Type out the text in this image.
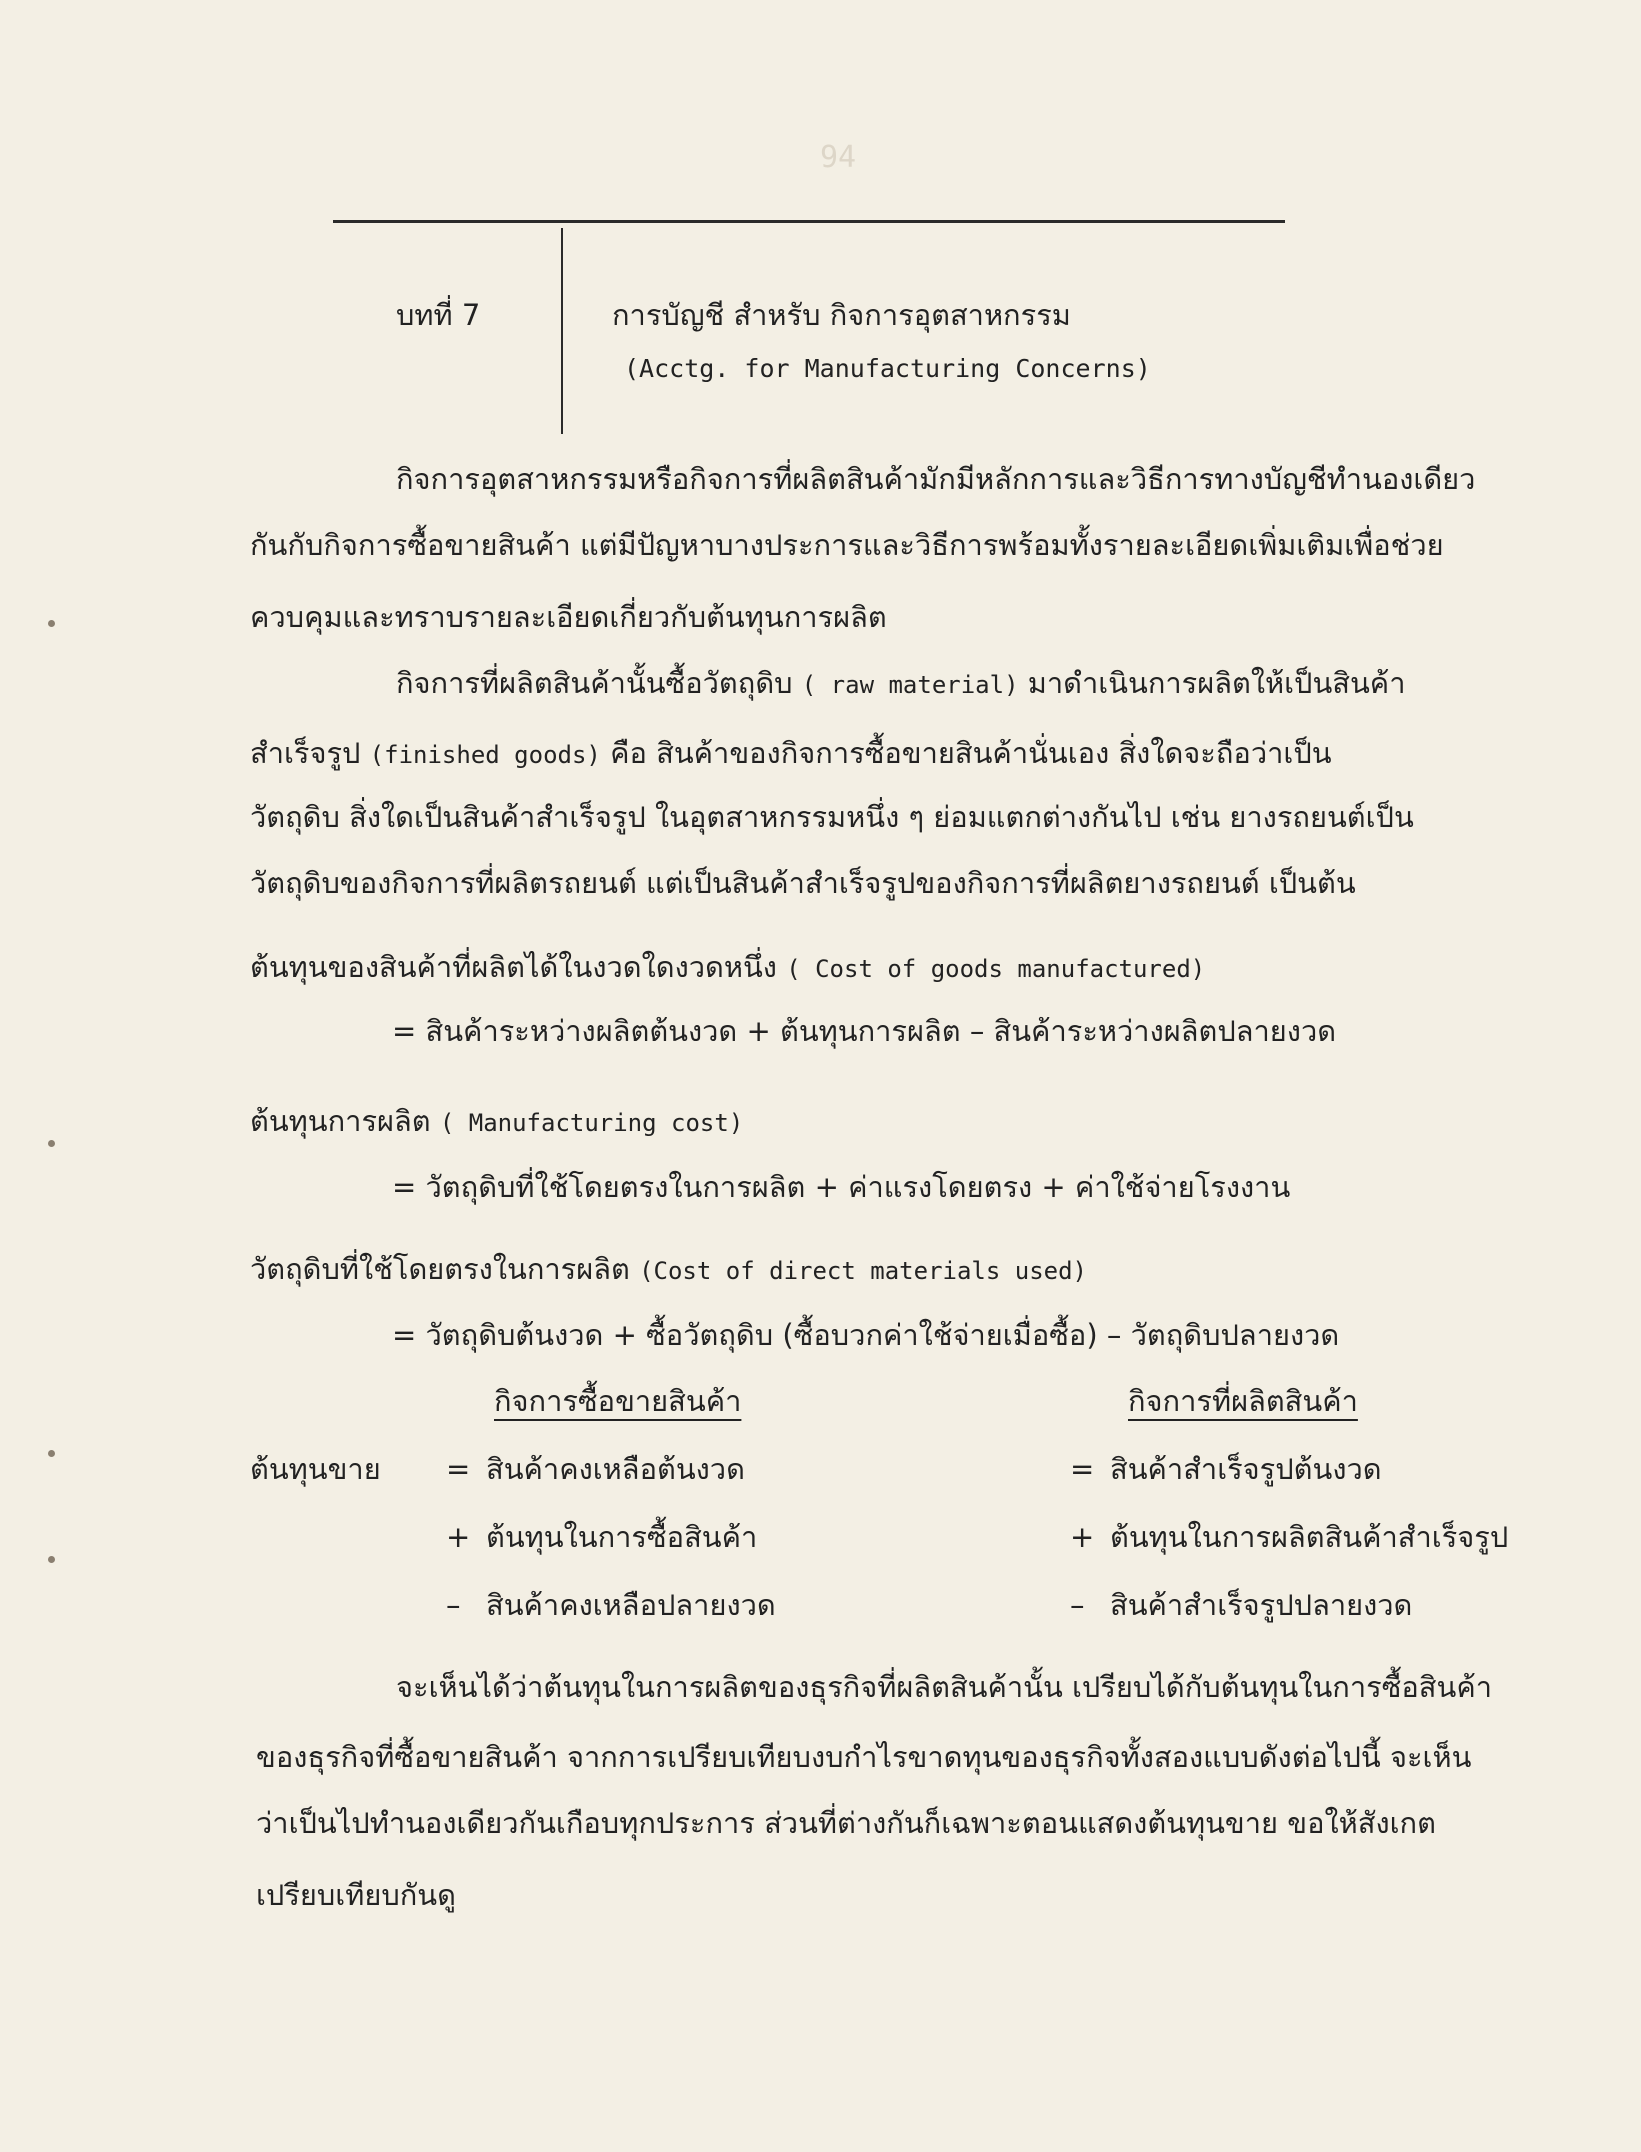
94
บทที่ 7	การบัญชี สำหรับ กิจการอุตสาหกรรม
(Acctg. for Manufacturing Concerns)
กิจการอุตสาหกรรมหรือกิจการที่ผลิตสินค้ามักมีหลักการและวิธีการทางบัญชีทำนองเดียว
กันกับกิจการซื้อขายสินค้า แต่มีปัญหาบางประการและวิธีการพร้อมทั้งรายละเอียดเพิ่มเติมเพื่อช่วย
ควบคุมและทราบรายละเอียดเกี่ยวกับต้นทุนการผลิต
กิจการที่ผลิตสินค้านั้นซื้อวัตถุดิบ ( raw material) มาดำเนินการผลิตให้เป็นสินค้า
สำเร็จรูป (finished goods) คือ สินค้าของกิจการซื้อขายสินค้านั่นเอง สิ่งใดจะถือว่าเป็น
วัตถุดิบ สิ่งใดเป็นสินค้าสำเร็จรูป ในอุตสาหกรรมหนึ่ง ๆ ย่อมแตกต่างกันไป เช่น ยางรถยนต์เป็น
วัตถุดิบของกิจการที่ผลิตรถยนต์ แต่เป็นสินค้าสำเร็จรูปของกิจการที่ผลิตยางรถยนต์ เป็นต้น
ต้นทุนของสินค้าที่ผลิตได้ในงวดใดงวดหนึ่ง ( Cost of goods manufactured)
= สินค้าระหว่างผลิตต้นงวด + ต้นทุนการผลิต – สินค้าระหว่างผลิตปลายงวด
ต้นทุนการผลิต ( Manufacturing cost)
= วัตถุดิบที่ใช้โดยตรงในการผลิต + ค่าแรงโดยตรง + ค่าใช้จ่ายโรงงาน
วัตถุดิบที่ใช้โดยตรงในการผลิต (Cost of direct materials used)
= วัตถุดิบต้นงวด + ซื้อวัตถุดิบ (ซื้อบวกค่าใช้จ่ายเมื่อซื้อ) – วัตถุดิบปลายงวด
กิจการซื้อขายสินค้า	กิจการที่ผลิตสินค้า
ต้นทุนขาย = สินค้าคงเหลือต้นงวด	= สินค้าสำเร็จรูปต้นงวด
+ ต้นทุนในการซื้อสินค้า	+ ต้นทุนในการผลิตสินค้าสำเร็จรูป
– สินค้าคงเหลือปลายงวด	– สินค้าสำเร็จรูปปลายงวด
จะเห็นได้ว่าต้นทุนในการผลิตของธุรกิจที่ผลิตสินค้านั้น เปรียบได้กับต้นทุนในการซื้อสินค้า
ของธุรกิจที่ซื้อขายสินค้า จากการเปรียบเทียบงบกำไรขาดทุนของธุรกิจทั้งสองแบบดังต่อไปนี้ จะเห็น
ว่าเป็นไปทำนองเดียวกันเกือบทุกประการ ส่วนที่ต่างกันก็เฉพาะตอนแสดงต้นทุนขาย ขอให้สังเกต
เปรียบเทียบกันดู
